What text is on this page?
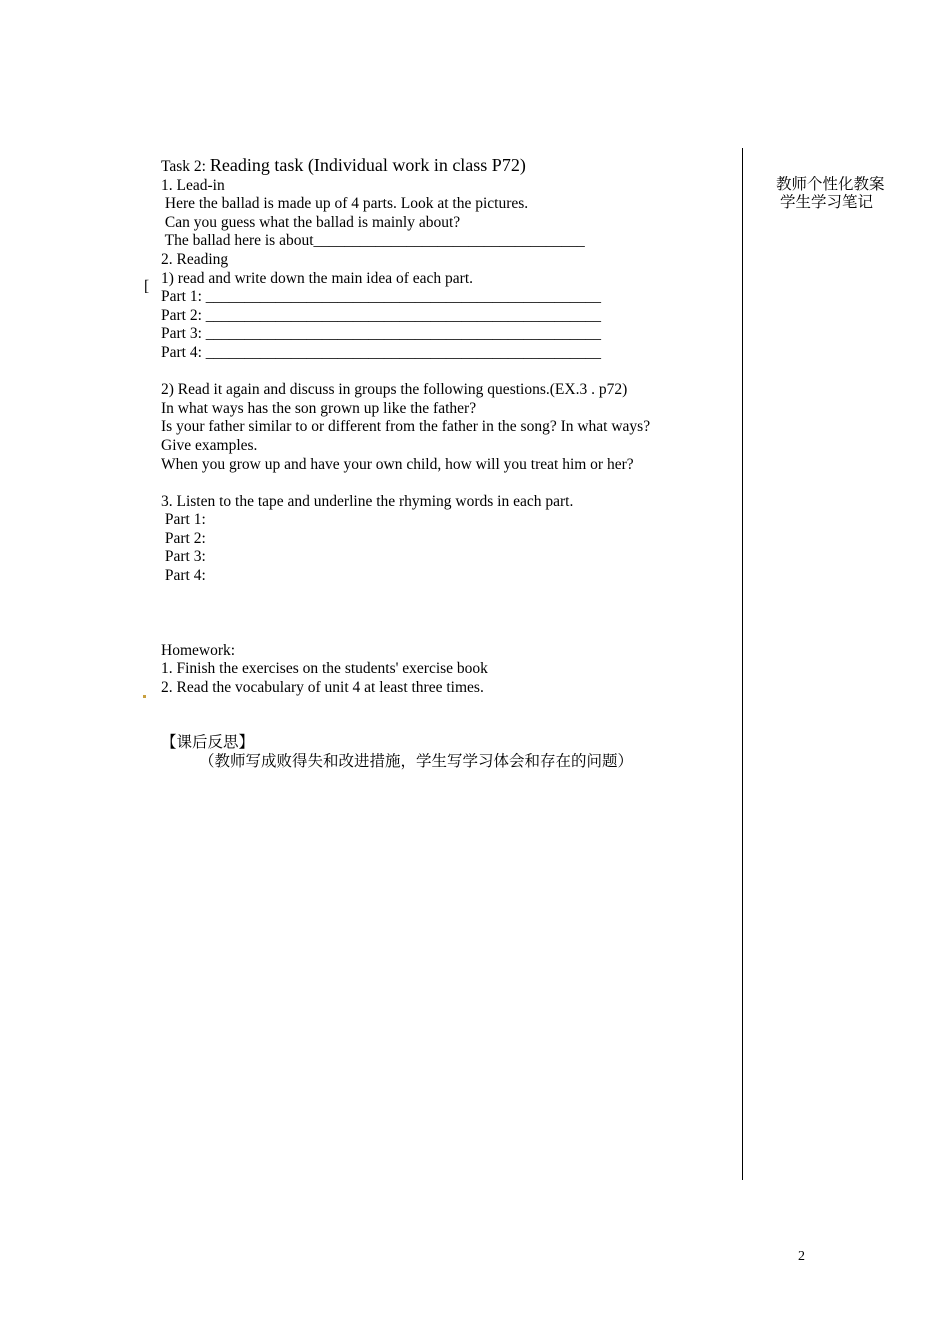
Task 2: Reading task (Individual work in class P72)
1. Lead-in
Here the ballad is made up of 4 parts. Look at the pictures.
Can you guess what the ballad is mainly about?
The ballad here is about___________________________________
2. Reading
1) read and write down the main idea of each part.
Part 1: ___________________________________________________
Part 2: ___________________________________________________
Part 3: ___________________________________________________
Part 4: ___________________________________________________
2) Read it again and discuss in groups the following questions.(EX.3 . p72)
In what ways has the son grown up like the father?
Is your father similar to or different from the father in the song? In what ways?
Give examples.
When you grow up and have your own child, how will you treat him or her?
3. Listen to the tape and underline the rhyming words in each part.
Part 1:
Part 2:
Part 3:
Part 4:
Homework:
1. Finish the exercises on the students' exercise book
2. Read the vocabulary of unit 4 at least three times.
【课后反思】
（教师写成败得失和改进措施，学生写学习体会和存在的问题）
教师个性化教案
学生学习笔记
[
2
